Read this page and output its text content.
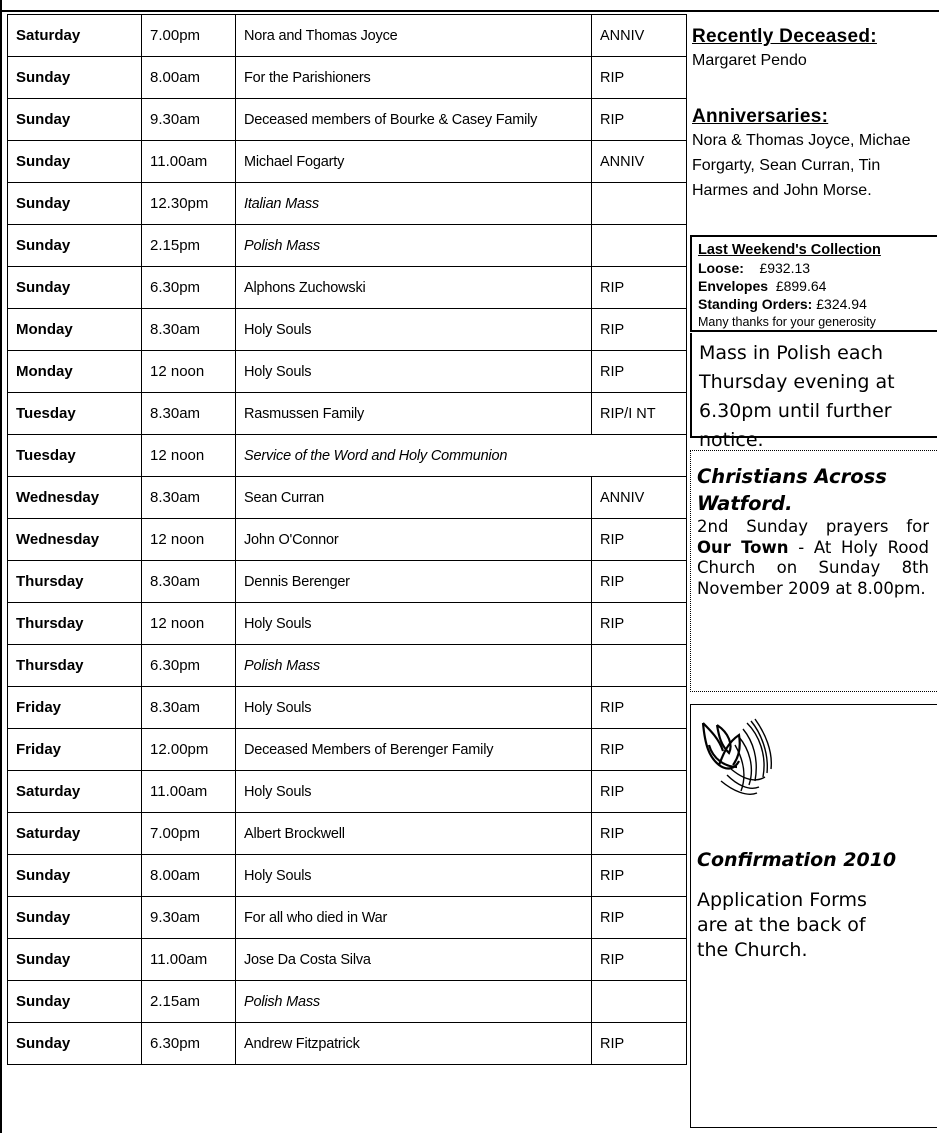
Saturday	7.00pm	Nora and Thomas Joyce	ANNIV
Sunday	8.00am	For the Parishioners	RIP
Sunday	9.30am	Deceased members of Bourke & Casey Family	RIP
Sunday	11.00am	Michael Fogarty	ANNIV
Sunday	12.30pm	Italian Mass	
Sunday	2.15pm	Polish Mass	
Sunday	6.30pm	Alphons Zuchowski	RIP
Monday	8.30am	Holy Souls	RIP
Monday	12 noon	Holy Souls	RIP
Tuesday	8.30am	Rasmussen Family	RIP/I NT
Tuesday	12 noon	Service of the Word and Holy Communion	
Wednesday	8.30am	Sean Curran	ANNIV
Wednesday	12 noon	John O'Connor	RIP
Thursday	8.30am	Dennis Berenger	RIP
Thursday	12 noon	Holy Souls	RIP
Thursday	6.30pm	Polish Mass	
Friday	8.30am	Holy Souls	RIP
Friday	12.00pm	Deceased Members of Berenger Family	RIP
Saturday	11.00am	Holy Souls	RIP
Saturday	7.00pm	Albert Brockwell	RIP
Sunday	8.00am	Holy Souls	RIP
Sunday	9.30am	For all who died in War	RIP
Sunday	11.00am	Jose Da Costa Silva	RIP
Sunday	2.15am	Polish Mass	
Sunday	6.30pm	Andrew Fitzpatrick	RIP
Recently Deceased:
Margaret Pendo
Anniversaries:
Nora & Thomas Joyce, Michae
Forgarty, Sean Curran, Tin
Harmes and John Morse.
Last Weekend's Collection
Loose: £932.13
Envelopes £899.64
Standing Orders: £324.94
Many thanks for your generosity
Mass in Polish each
Thursday evening at
6.30pm until further
notice.
Christians Across
Watford.
2nd Sunday prayers for Our Town - At Holy Rood Church on Sunday 8th November 2009 at 8.00pm.
Confirmation 2010
Application Forms
are at the back of
the Church.
